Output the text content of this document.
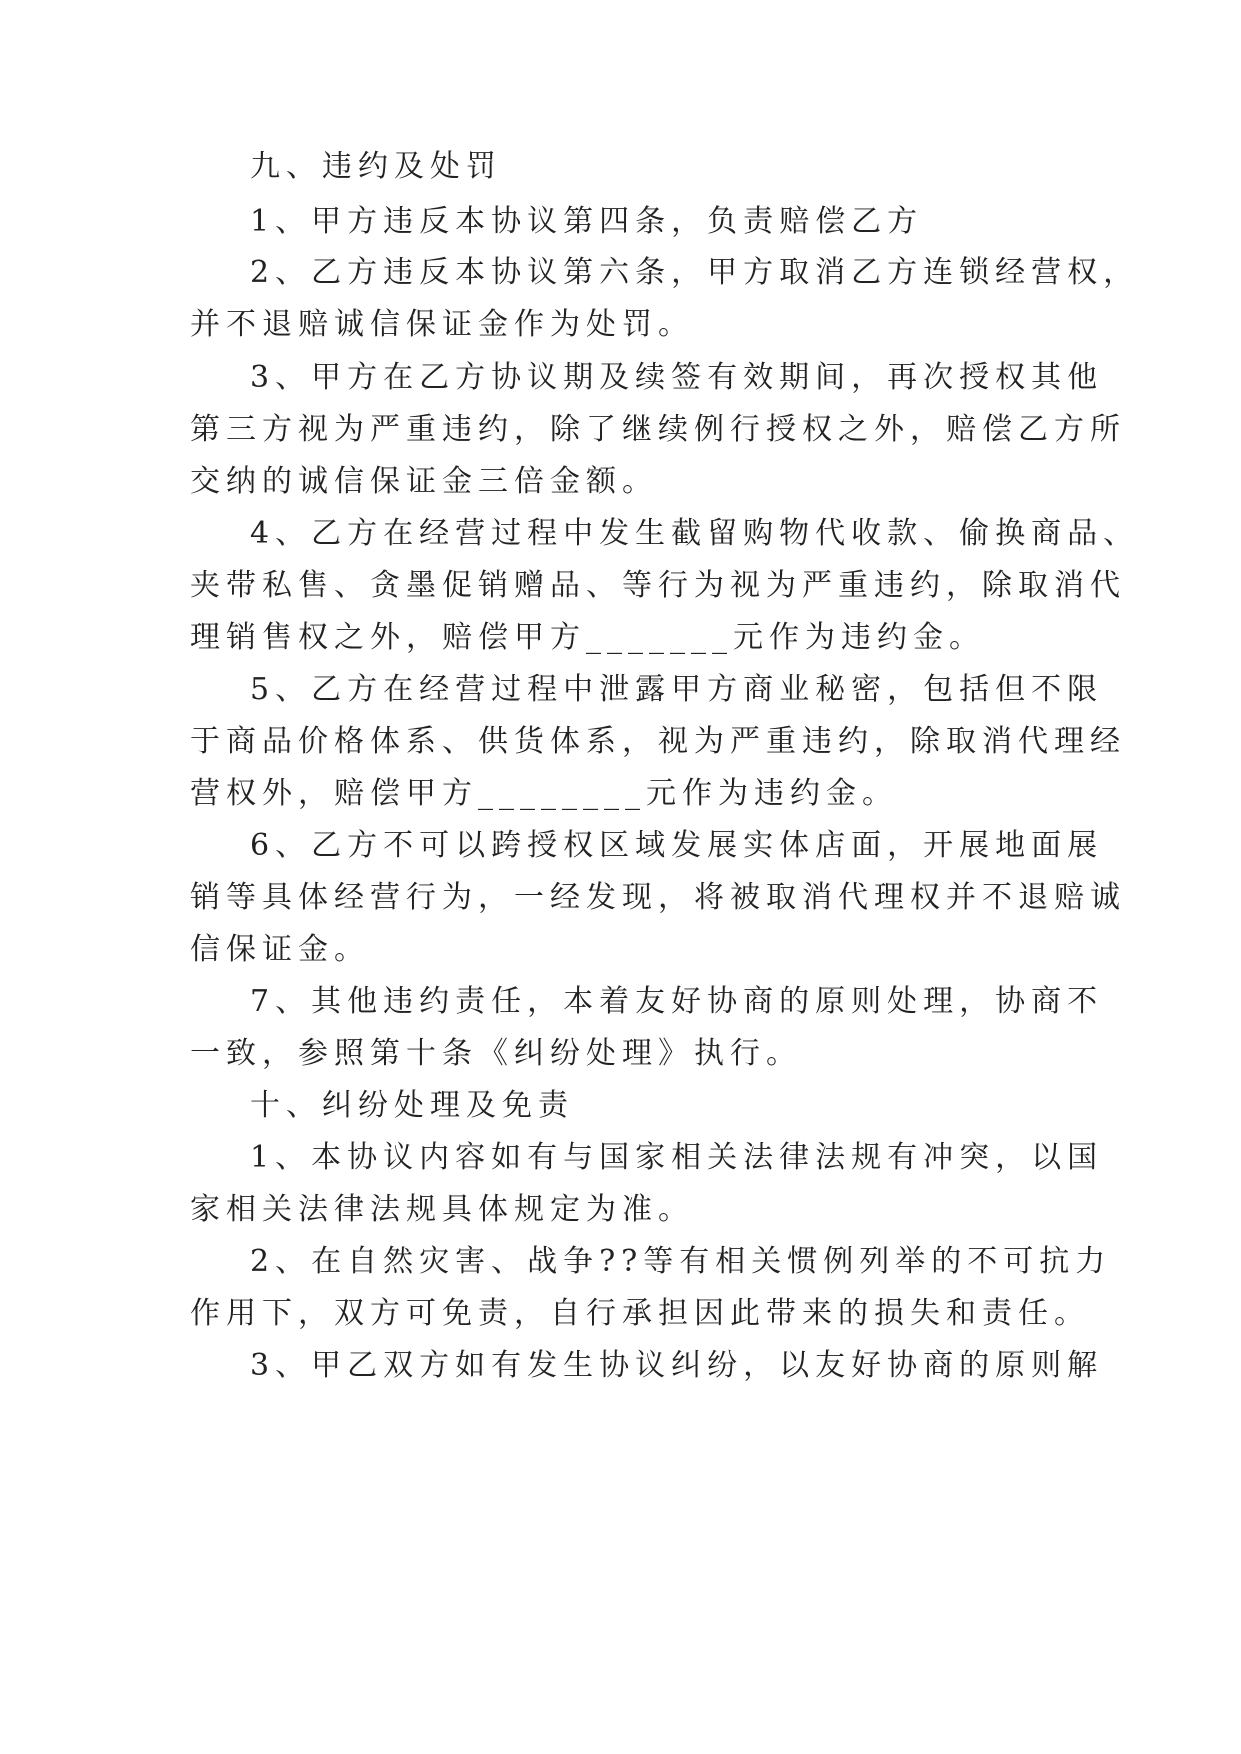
九、违约及处罚
1、甲方违反本协议第四条，负责赔偿乙方
2、乙方违反本协议第六条，甲方取消乙方连锁经营权，
并不退赔诚信保证金作为处罚。
3、甲方在乙方协议期及续签有效期间，再次授权其他
第三方视为严重违约，除了继续例行授权之外，赔偿乙方所
交纳的诚信保证金三倍金额。
4、乙方在经营过程中发生截留购物代收款、偷换商品、
夹带私售、贪墨促销赠品、等行为视为严重违约，除取消代
理销售权之外，赔偿甲方_______元作为违约金。
5、乙方在经营过程中泄露甲方商业秘密，包括但不限
于商品价格体系、供货体系，视为严重违约，除取消代理经
营权外，赔偿甲方________元作为违约金。
6、乙方不可以跨授权区域发展实体店面，开展地面展
销等具体经营行为，一经发现，将被取消代理权并不退赔诚
信保证金。
7、其他违约责任，本着友好协商的原则处理，协商不
一致，参照第十条《纠纷处理》执行。
十、纠纷处理及免责
1、本协议内容如有与国家相关法律法规有冲突，以国
家相关法律法规具体规定为准。
2、在自然灾害、战争??等有相关惯例列举的不可抗力
作用下，双方可免责，自行承担因此带来的损失和责任。
3、甲乙双方如有发生协议纠纷，以友好协商的原则解
